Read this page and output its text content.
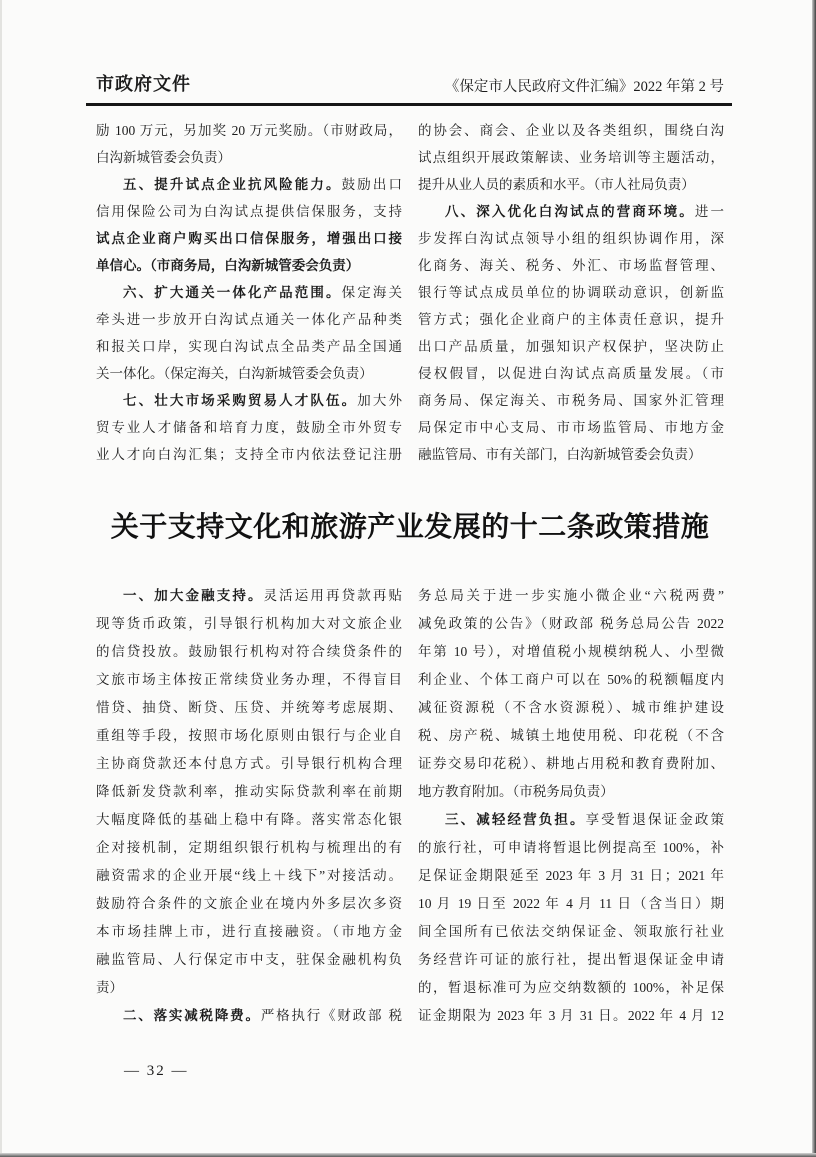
市政府文件	《保定市人民政府文件汇编》2022 年第 2 号
励 100 万元，另加奖 20 万元奖励。（市财政局，
白沟新城管委会负责）
五、提升试点企业抗风险能力。鼓励出口
信用保险公司为白沟试点提供信保服务，支持
试点企业商户购买出口信保服务，增强出口接
单信心。（市商务局，白沟新城管委会负责）
六、扩大通关一体化产品范围。保定海关
牵头进一步放开白沟试点通关一体化产品种类
和报关口岸，实现白沟试点全品类产品全国通
关一体化。（保定海关，白沟新城管委会负责）
七、壮大市场采购贸易人才队伍。加大外
贸专业人才储备和培育力度，鼓励全市外贸专
业人才向白沟汇集；支持全市内依法登记注册
的协会、商会、企业以及各类组织，围绕白沟
试点组织开展政策解读、业务培训等主题活动，
提升从业人员的素质和水平。（市人社局负责）
八、深入优化白沟试点的营商环境。进一
步发挥白沟试点领导小组的组织协调作用，深
化商务、海关、税务、外汇、市场监督管理、
银行等试点成员单位的协调联动意识，创新监
管方式；强化企业商户的主体责任意识，提升
出口产品质量，加强知识产权保护，坚决防止
侵权假冒，以促进白沟试点高质量发展。（市
商务局、保定海关、市税务局、国家外汇管理
局保定市中心支局、市市场监管局、市地方金
融监管局、市有关部门，白沟新城管委会负责）
关于支持文化和旅游产业发展的十二条政策措施
一、加大金融支持。灵活运用再贷款再贴
现等货币政策，引导银行机构加大对文旅企业
的信贷投放。鼓励银行机构对符合续贷条件的
文旅市场主体按正常续贷业务办理，不得盲目
惜贷、抽贷、断贷、压贷、并统筹考虑展期、
重组等手段，按照市场化原则由银行与企业自
主协商贷款还本付息方式。引导银行机构合理
降低新发贷款利率，推动实际贷款利率在前期
大幅度降低的基础上稳中有降。落实常态化银
企对接机制，定期组织银行机构与梳理出的有
融资需求的企业开展“线上＋线下”对接活动。
鼓励符合条件的文旅企业在境内外多层次多资
本市场挂牌上市，进行直接融资。（市地方金
融监管局、人行保定市中支，驻保金融机构负
责）
二、落实减税降费。严格执行《财政部 税
务总局关于进一步实施小微企业“六税两费”
减免政策的公告》（财政部 税务总局公告 2022
年第 10 号），对增值税小规模纳税人、小型微
利企业、个体工商户可以在 50%的税额幅度内
减征资源税（不含水资源税）、城市维护建设
税、房产税、城镇土地使用税、印花税（不含
证券交易印花税）、耕地占用税和教育费附加、
地方教育附加。（市税务局负责）
三、减轻经营负担。享受暂退保证金政策
的旅行社，可申请将暂退比例提高至 100%，补
足保证金期限延至 2023 年 3 月 31 日；2021 年
10 月 19 日至 2022 年 4 月 11 日（含当日）期
间全国所有已依法交纳保证金、领取旅行社业
务经营许可证的旅行社，提出暂退保证金申请
的，暂退标准可为应交纳数额的 100%，补足保
证金期限为 2023 年 3 月 31 日。2022 年 4 月 12
— 32 —
